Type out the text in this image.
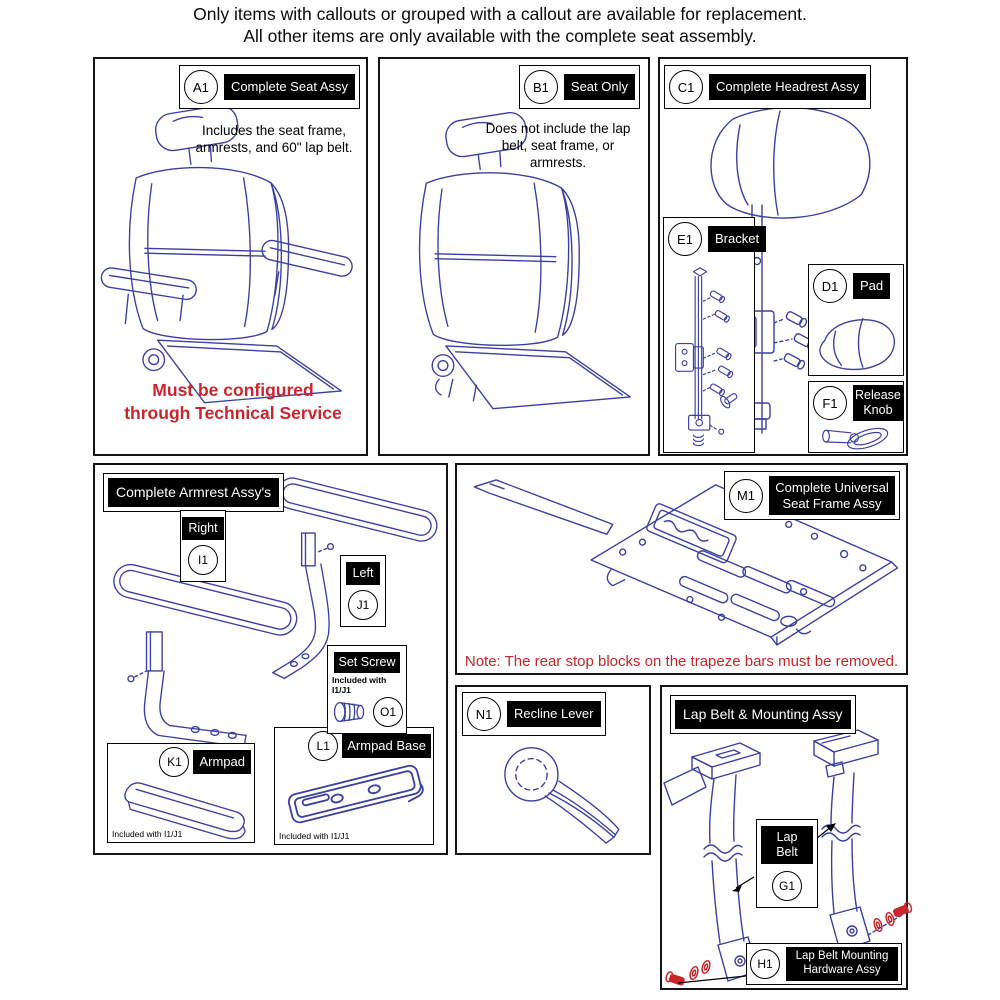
Only items with callouts or grouped with a callout are available for replacement.
All other items are only available with the complete seat assembly.
A1	Complete Seat Assy
Includes the seat frame, armrests, and 60" lap belt.
Must be configured through Technical Service
B1	Seat Only
Does not include the lap belt, seat frame, or armrests.
C1	Complete Headrest Assy
E1	Bracket
D1	Pad
F1
Release Knob
Complete Armrest Assy's
Right
I1
Left
J1
Set Screw
Included with I1/J1
O1
K1	Armpad
Included with I1/J1
L1	Armpad Base
Included with I1/J1
M1
Complete Universal Seat Frame Assy
Note: The rear stop blocks on the trapeze bars must be removed.
N1	Recline Lever	Lap Belt & Mounting Assy
Lap Belt
G1
H1
Lap Belt Mounting Hardware Assy
